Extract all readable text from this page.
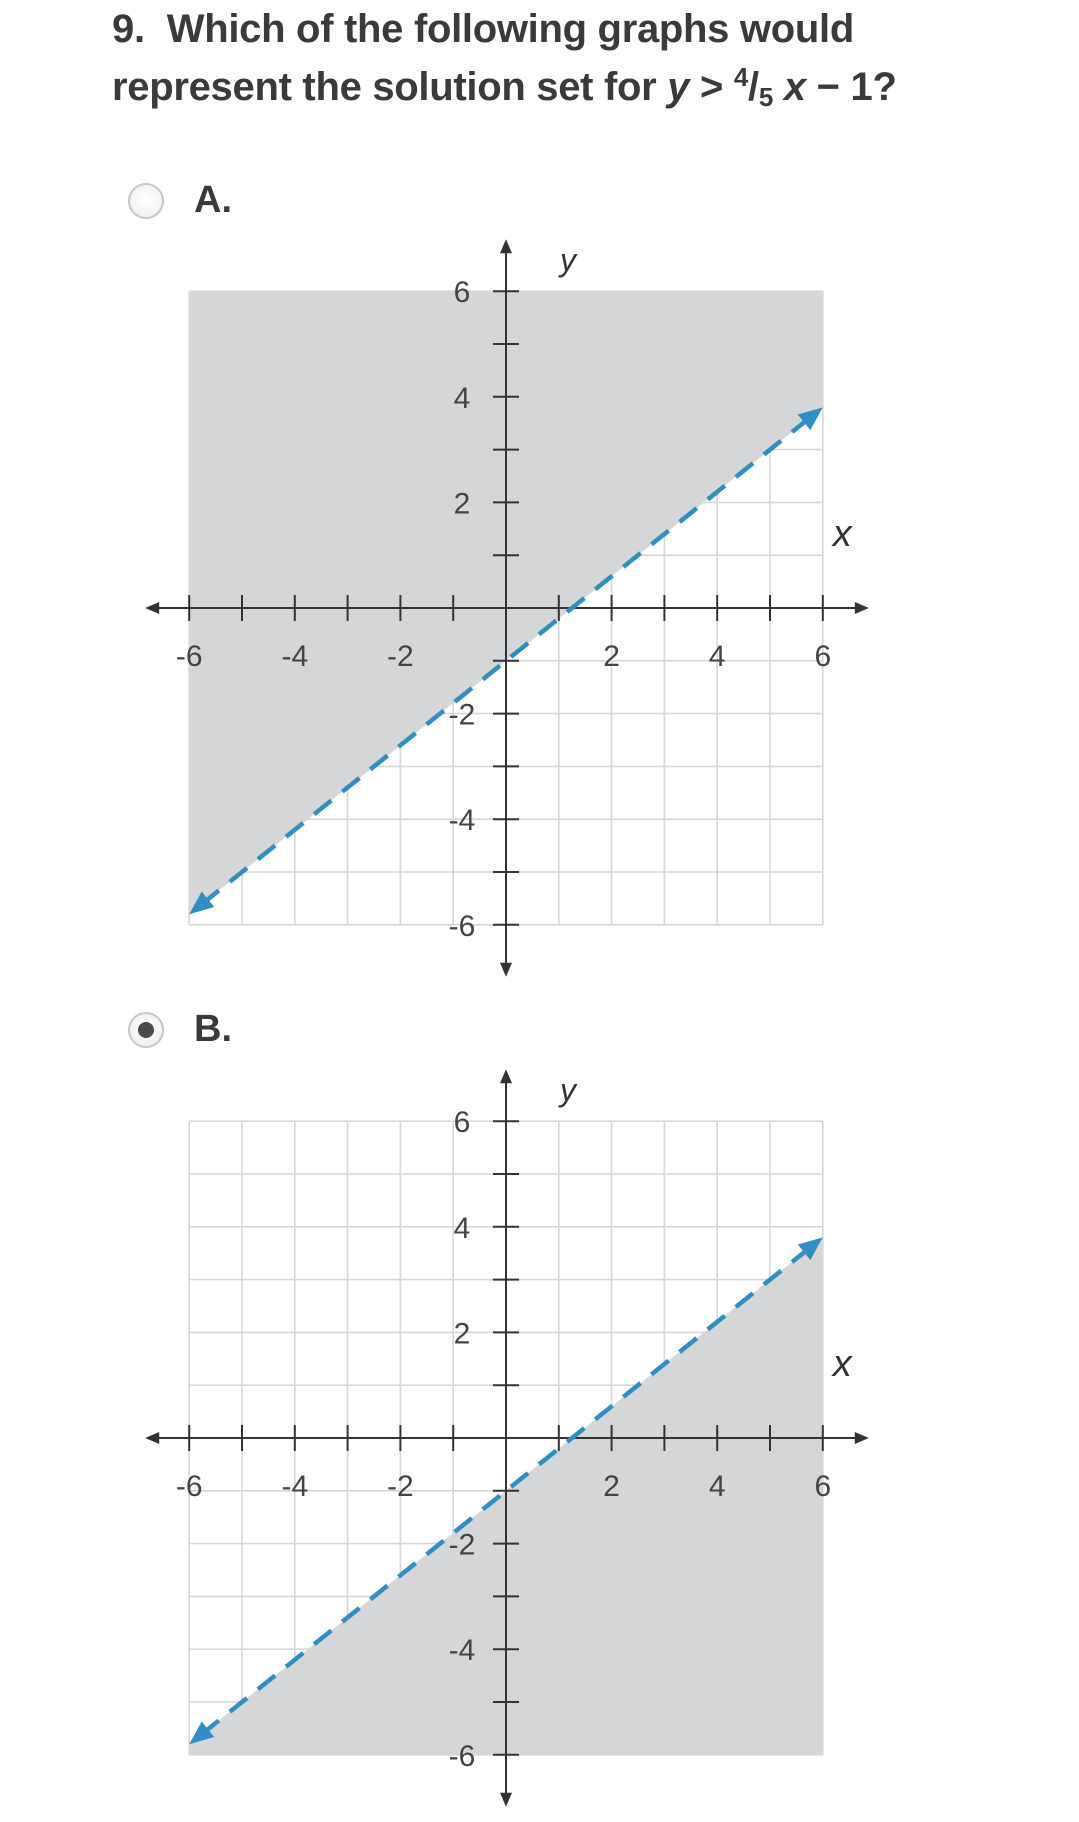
9. Which of the following graphs would
represent the solution set for $y > ^4/_5$ x − 1?
A.
-6	-4	-2	2	4	6
6
4
2
-2
-4
-6
x
y
B.
-6	-4	-2	2	4	6
6
4
2
-2
-4
-6
x
y
